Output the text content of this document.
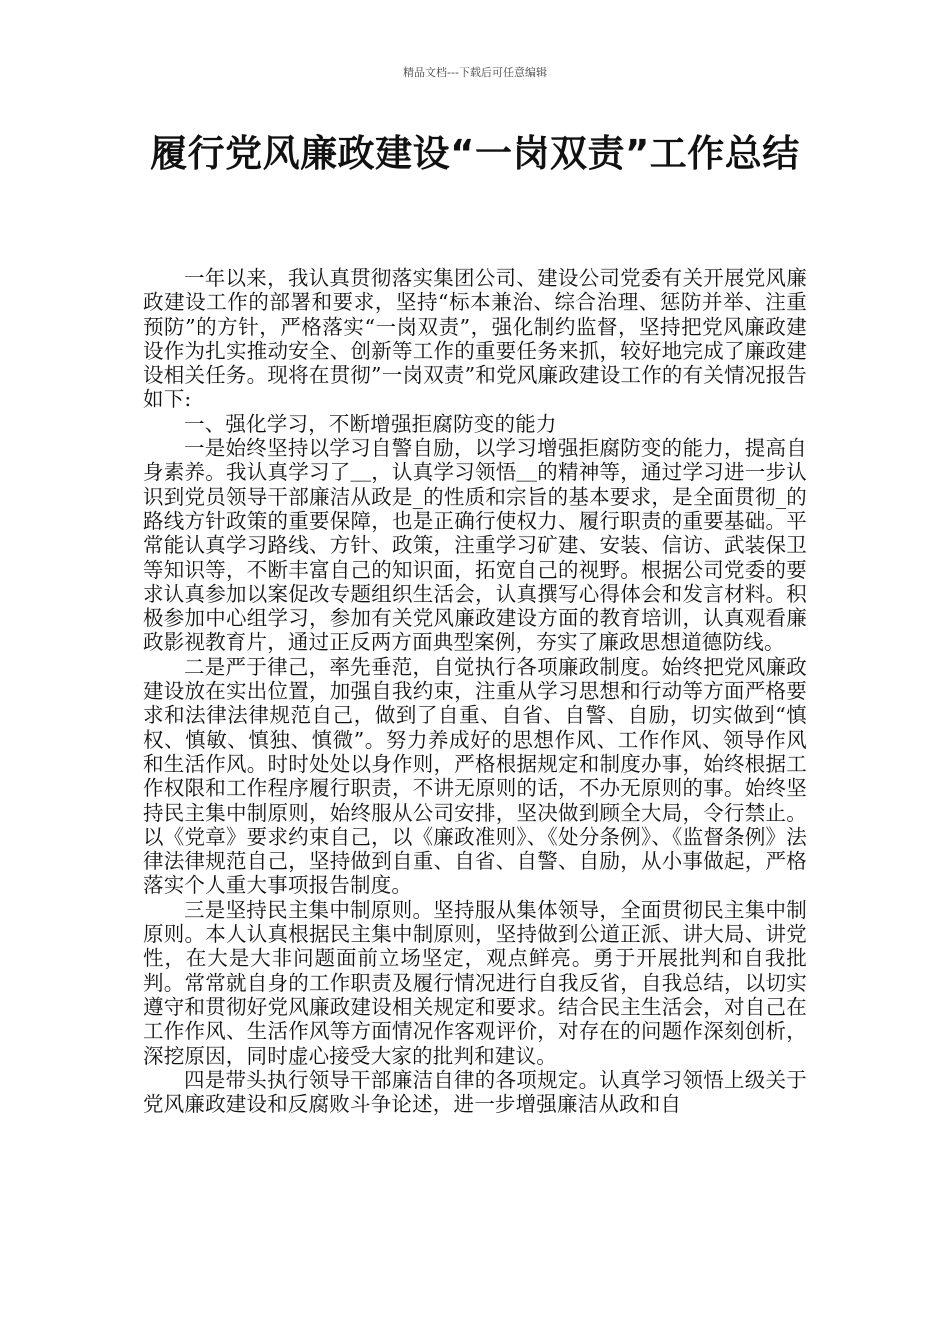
精品文档---下载后可任意编辑
履行党风廉政建设“一岗双责”工作总结

一年以来，我认真贯彻落实集团公司、建设公司党委有关开展党风廉政建设工作的部署和要求，坚持“标本兼治、综合治理、惩防并举、注重预防”的方针，严格落实“一岗双责”，强化制约监督，坚持把党风廉政建设作为扎实推动安全、创新等工作的重要任务来抓，较好地完成了廉政建设相关任务。现将在贯彻”一岗双责”和党风廉政建设工作的有关情况报告如下:

一、强化学习，不断增强拒腐防变的能力

一是始终坚持以学习自警自励，以学习增强拒腐防变的能力，提高自身素养。我认真学习了＿，认真学习领悟＿的精神等，通过学习进一步认识到党员领导干部廉洁从政是_的性质和宗旨的基本要求，是全面贯彻_的路线方针政策的重要保障，也是正确行使权力、履行职责的重要基础。平常能认真学习路线、方针、政策，注重学习矿建、安装、信访、武装保卫等知识等，不断丰富自己的知识面，拓宽自己的视野。根据公司党委的要求认真参加以案促改专题组织生活会，认真撰写心得体会和发言材料。积极参加中心组学习，参加有关党风廉政建设方面的教育培训，认真观看廉政影视教育片，通过正反两方面典型案例，夯实了廉政思想道德防线。

二是严于律己，率先垂范，自觉执行各项廉政制度。始终把党风廉政建设放在实出位置，加强自我约束，注重从学习思想和行动等方面严格要求和法律法律规范自己，做到了自重、自省、自警、自励，切实做到“慎权、慎敏、慎独、慎微”。努力养成好的思想作风、工作作风、领导作风和生活作风。时时处处以身作则，严格根据规定和制度办事，始终根据工作权限和工作程序履行职责，不讲无原则的话，不办无原则的事。始终坚持民主集中制原则，始终服从公司安排，坚决做到顾全大局，令行禁止。以《党章》要求约束自己，以《廉政准则》、《处分条例》、《监督条例》法律法律规范自己，坚持做到自重、自省、自警、自励，从小事做起，严格落实个人重大事项报告制度。

三是坚持民主集中制原则。坚持服从集体领导，全面贯彻民主集中制原则。本人认真根据民主集中制原则，坚持做到公道正派、讲大局、讲党性，在大是大非问题面前立场坚定，观点鲜亮。勇于开展批判和自我批判。常常就自身的工作职责及履行情况进行自我反省，自我总结，以切实遵守和贯彻好党风廉政建设相关规定和要求。结合民主生活会，对自己在工作作风、生活作风等方面情况作客观评价，对存在的问题作深刻创析，深挖原因，同时虚心接受大家的批判和建议。

四是带头执行领导干部廉洁自律的各项规定。认真学习领悟上级关于党风廉政建设和反腐败斗争论述，进一步增强廉洁从政和自
